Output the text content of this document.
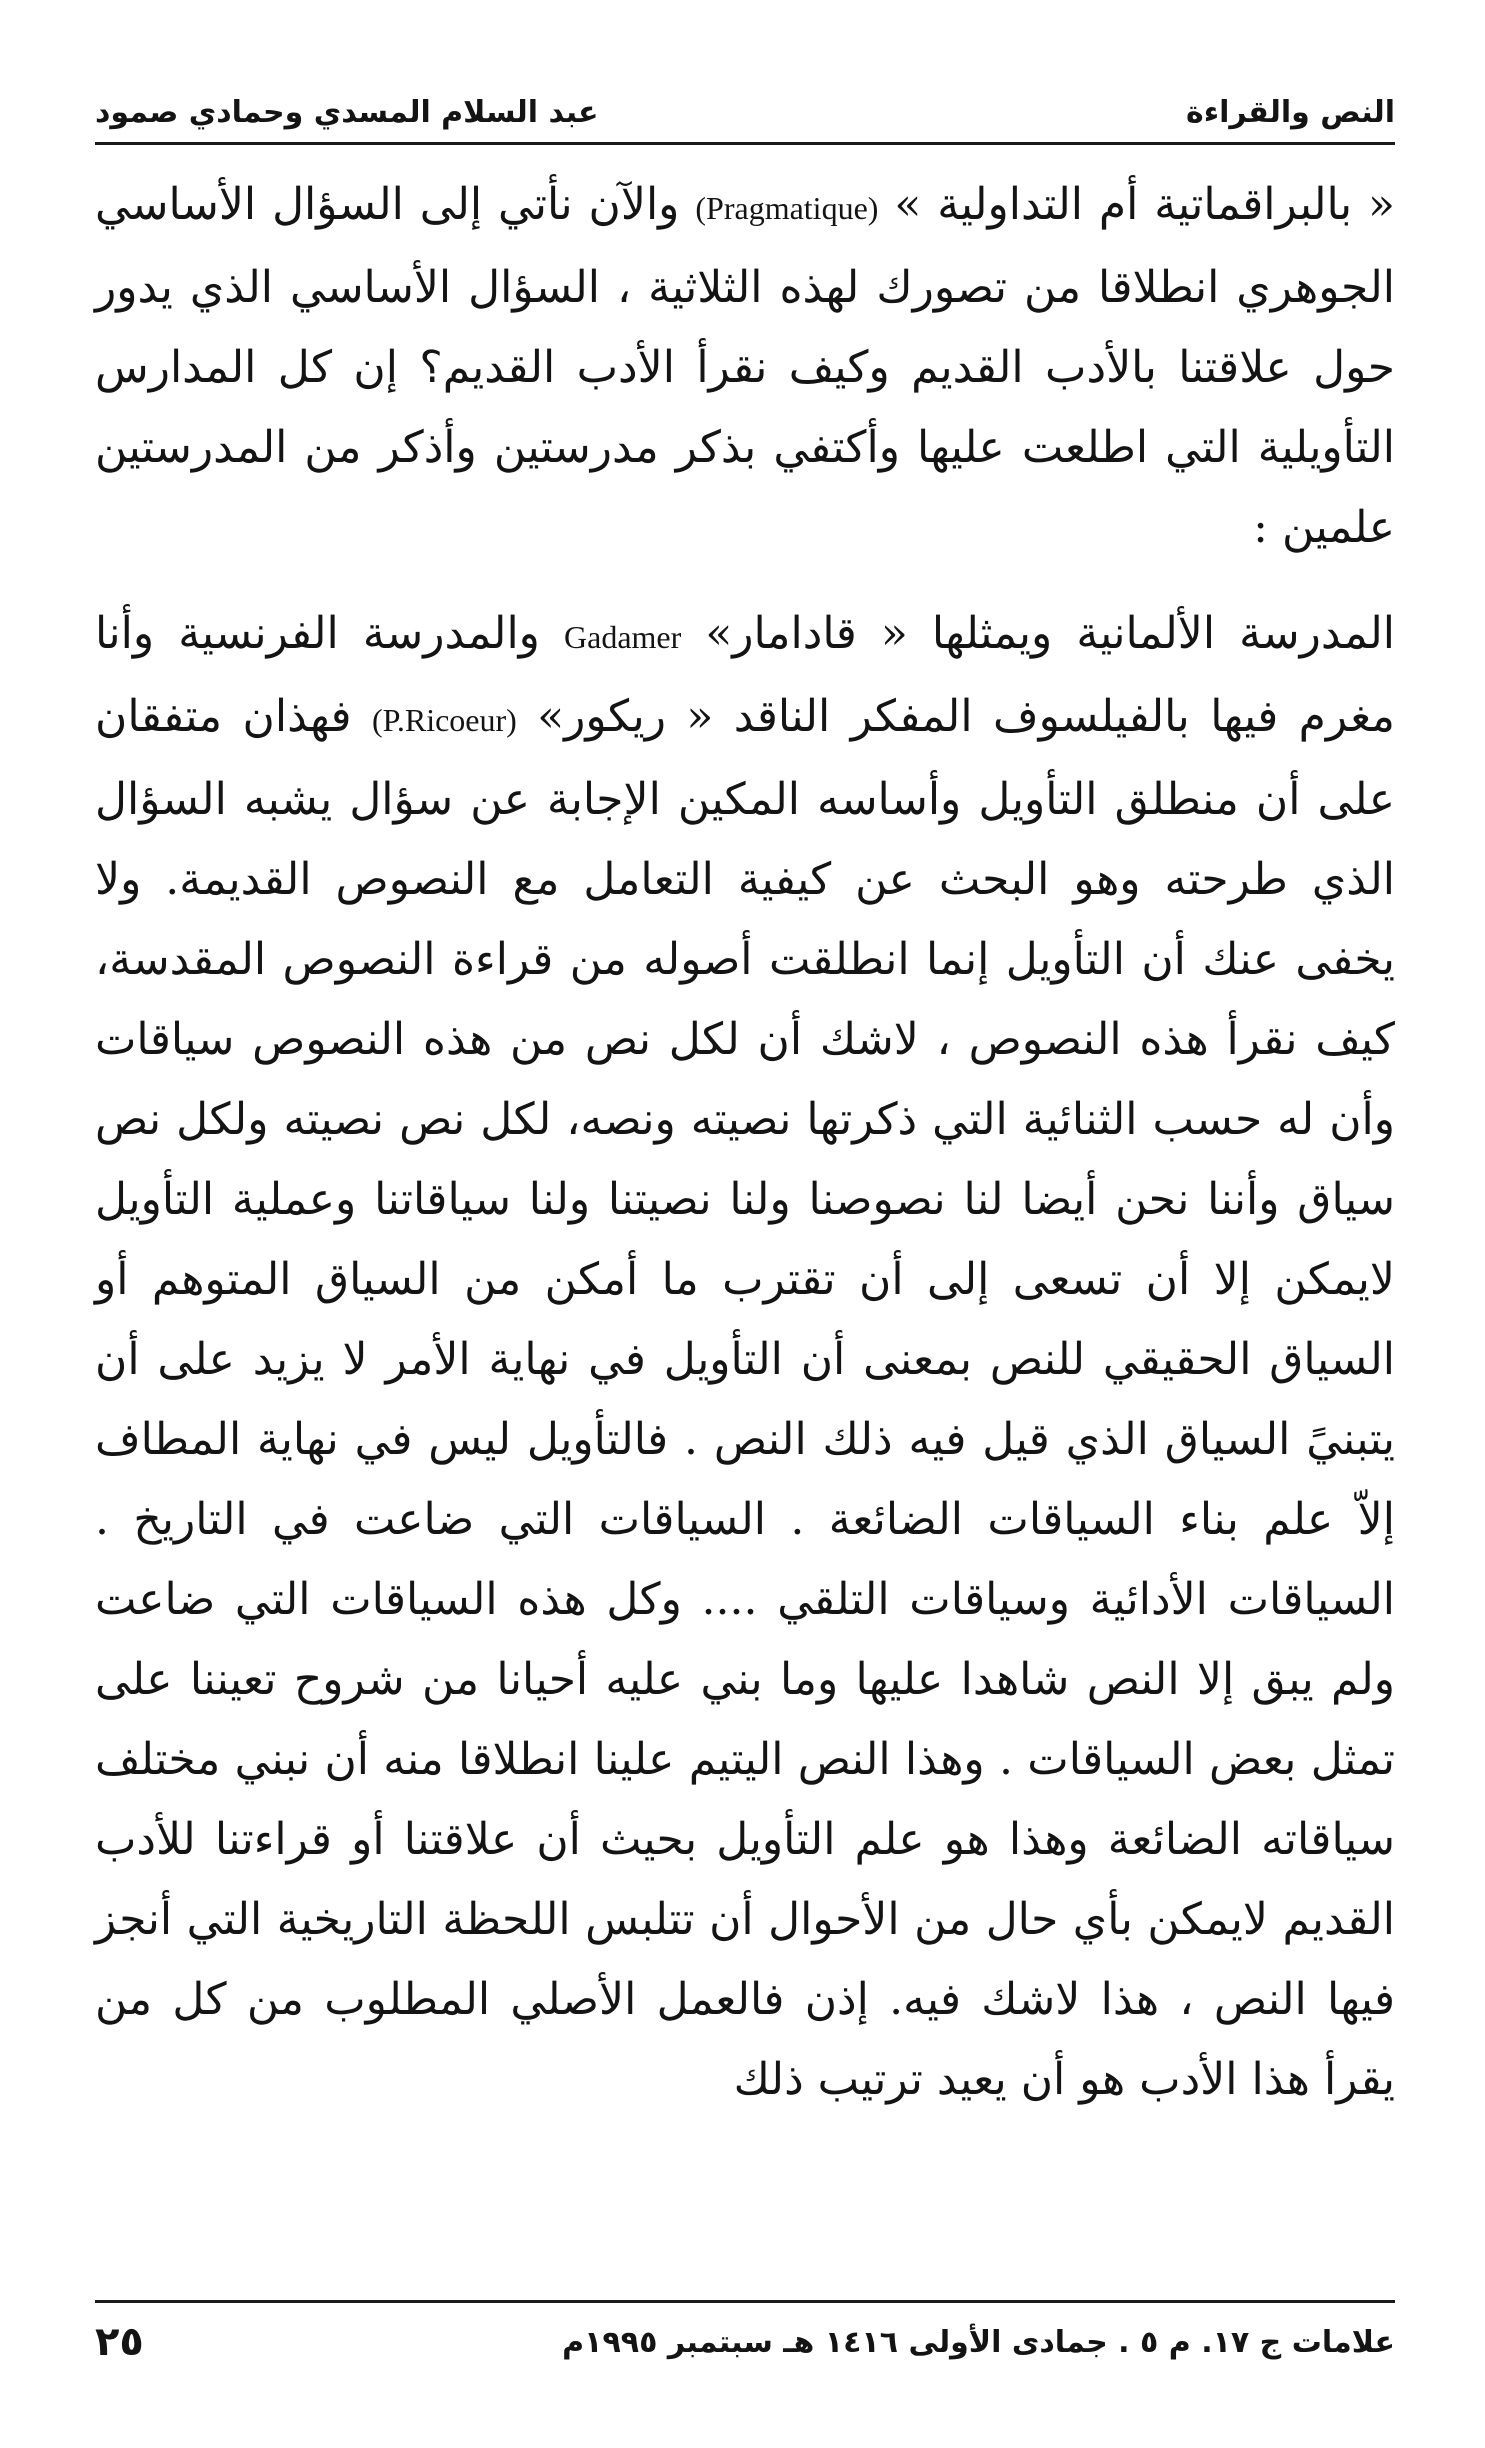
النص والقراءة
عبد السلام المسدي وحمادي صمود

« بالبراقماتية أم التداولية » (Pragmatique) والآن نأتي إلى السؤال الأساسي الجوهري انطلاقا من تصورك لهذه الثلاثية ، السؤال الأساسي الذي يدور حول علاقتنا بالأدب القديم وكيف نقرأ الأدب القديم؟ إن كل المدارس التأويلية التي اطلعت عليها وأكتفي بذكر مدرستين وأذكر من المدرستين علمين :

المدرسة الألمانية ويمثلها « قادامار» Gadamer والمدرسة الفرنسية وأنا مغرم فيها بالفيلسوف المفكر الناقد « ريكور» (P.Ricoeur) فهذان متفقان على أن منطلق التأويل وأساسه المكين الإجابة عن سؤال يشبه السؤال الذي طرحته وهو البحث عن كيفية التعامل مع النصوص القديمة. ولا يخفى عنك أن التأويل إنما انطلقت أصوله من قراءة النصوص المقدسة، كيف نقرأ هذه النصوص ، لاشك أن لكل نص من هذه النصوص سياقات وأن له حسب الثنائية التي ذكرتها نصيته ونصه، لكل نص نصيته ولكل نص سياق وأننا نحن أيضا لنا نصوصنا ولنا نصيتنا ولنا سياقاتنا وعملية التأويل لايمكن إلا أن تسعى إلى أن تقترب ما أمكن من السياق المتوهم أو السياق الحقيقي للنص بمعنى أن التأويل في نهاية الأمر لا يزيد على أن يتبنيً السياق الذي قيل فيه ذلك النص . فالتأويل ليس في نهاية المطاف إلاّ علم بناء السياقات الضائعة . السياقات التي ضاعت في التاريخ . السياقات الأدائية وسياقات التلقي .... وكل هذه السياقات التي ضاعت ولم يبق إلا النص شاهدا عليها وما بني عليه أحيانا من شروح تعيننا على تمثل بعض السياقات . وهذا النص اليتيم علينا انطلاقا منه أن نبني مختلف سياقاته الضائعة وهذا هو علم التأويل بحيث أن علاقتنا أو قراءتنا للأدب القديم لايمكن بأي حال من الأحوال أن تتلبس اللحظة التاريخية التي أنجز فيها النص ، هذا لاشك فيه. إذن فالعمل الأصلي المطلوب من كل من يقرأ هذا الأدب هو أن يعيد ترتيب ذلك

علامات ج ١٧. م ٥ . جمادى الأولى ١٤١٦ هـ سبتمبر ١٩٩٥م
٢٥
